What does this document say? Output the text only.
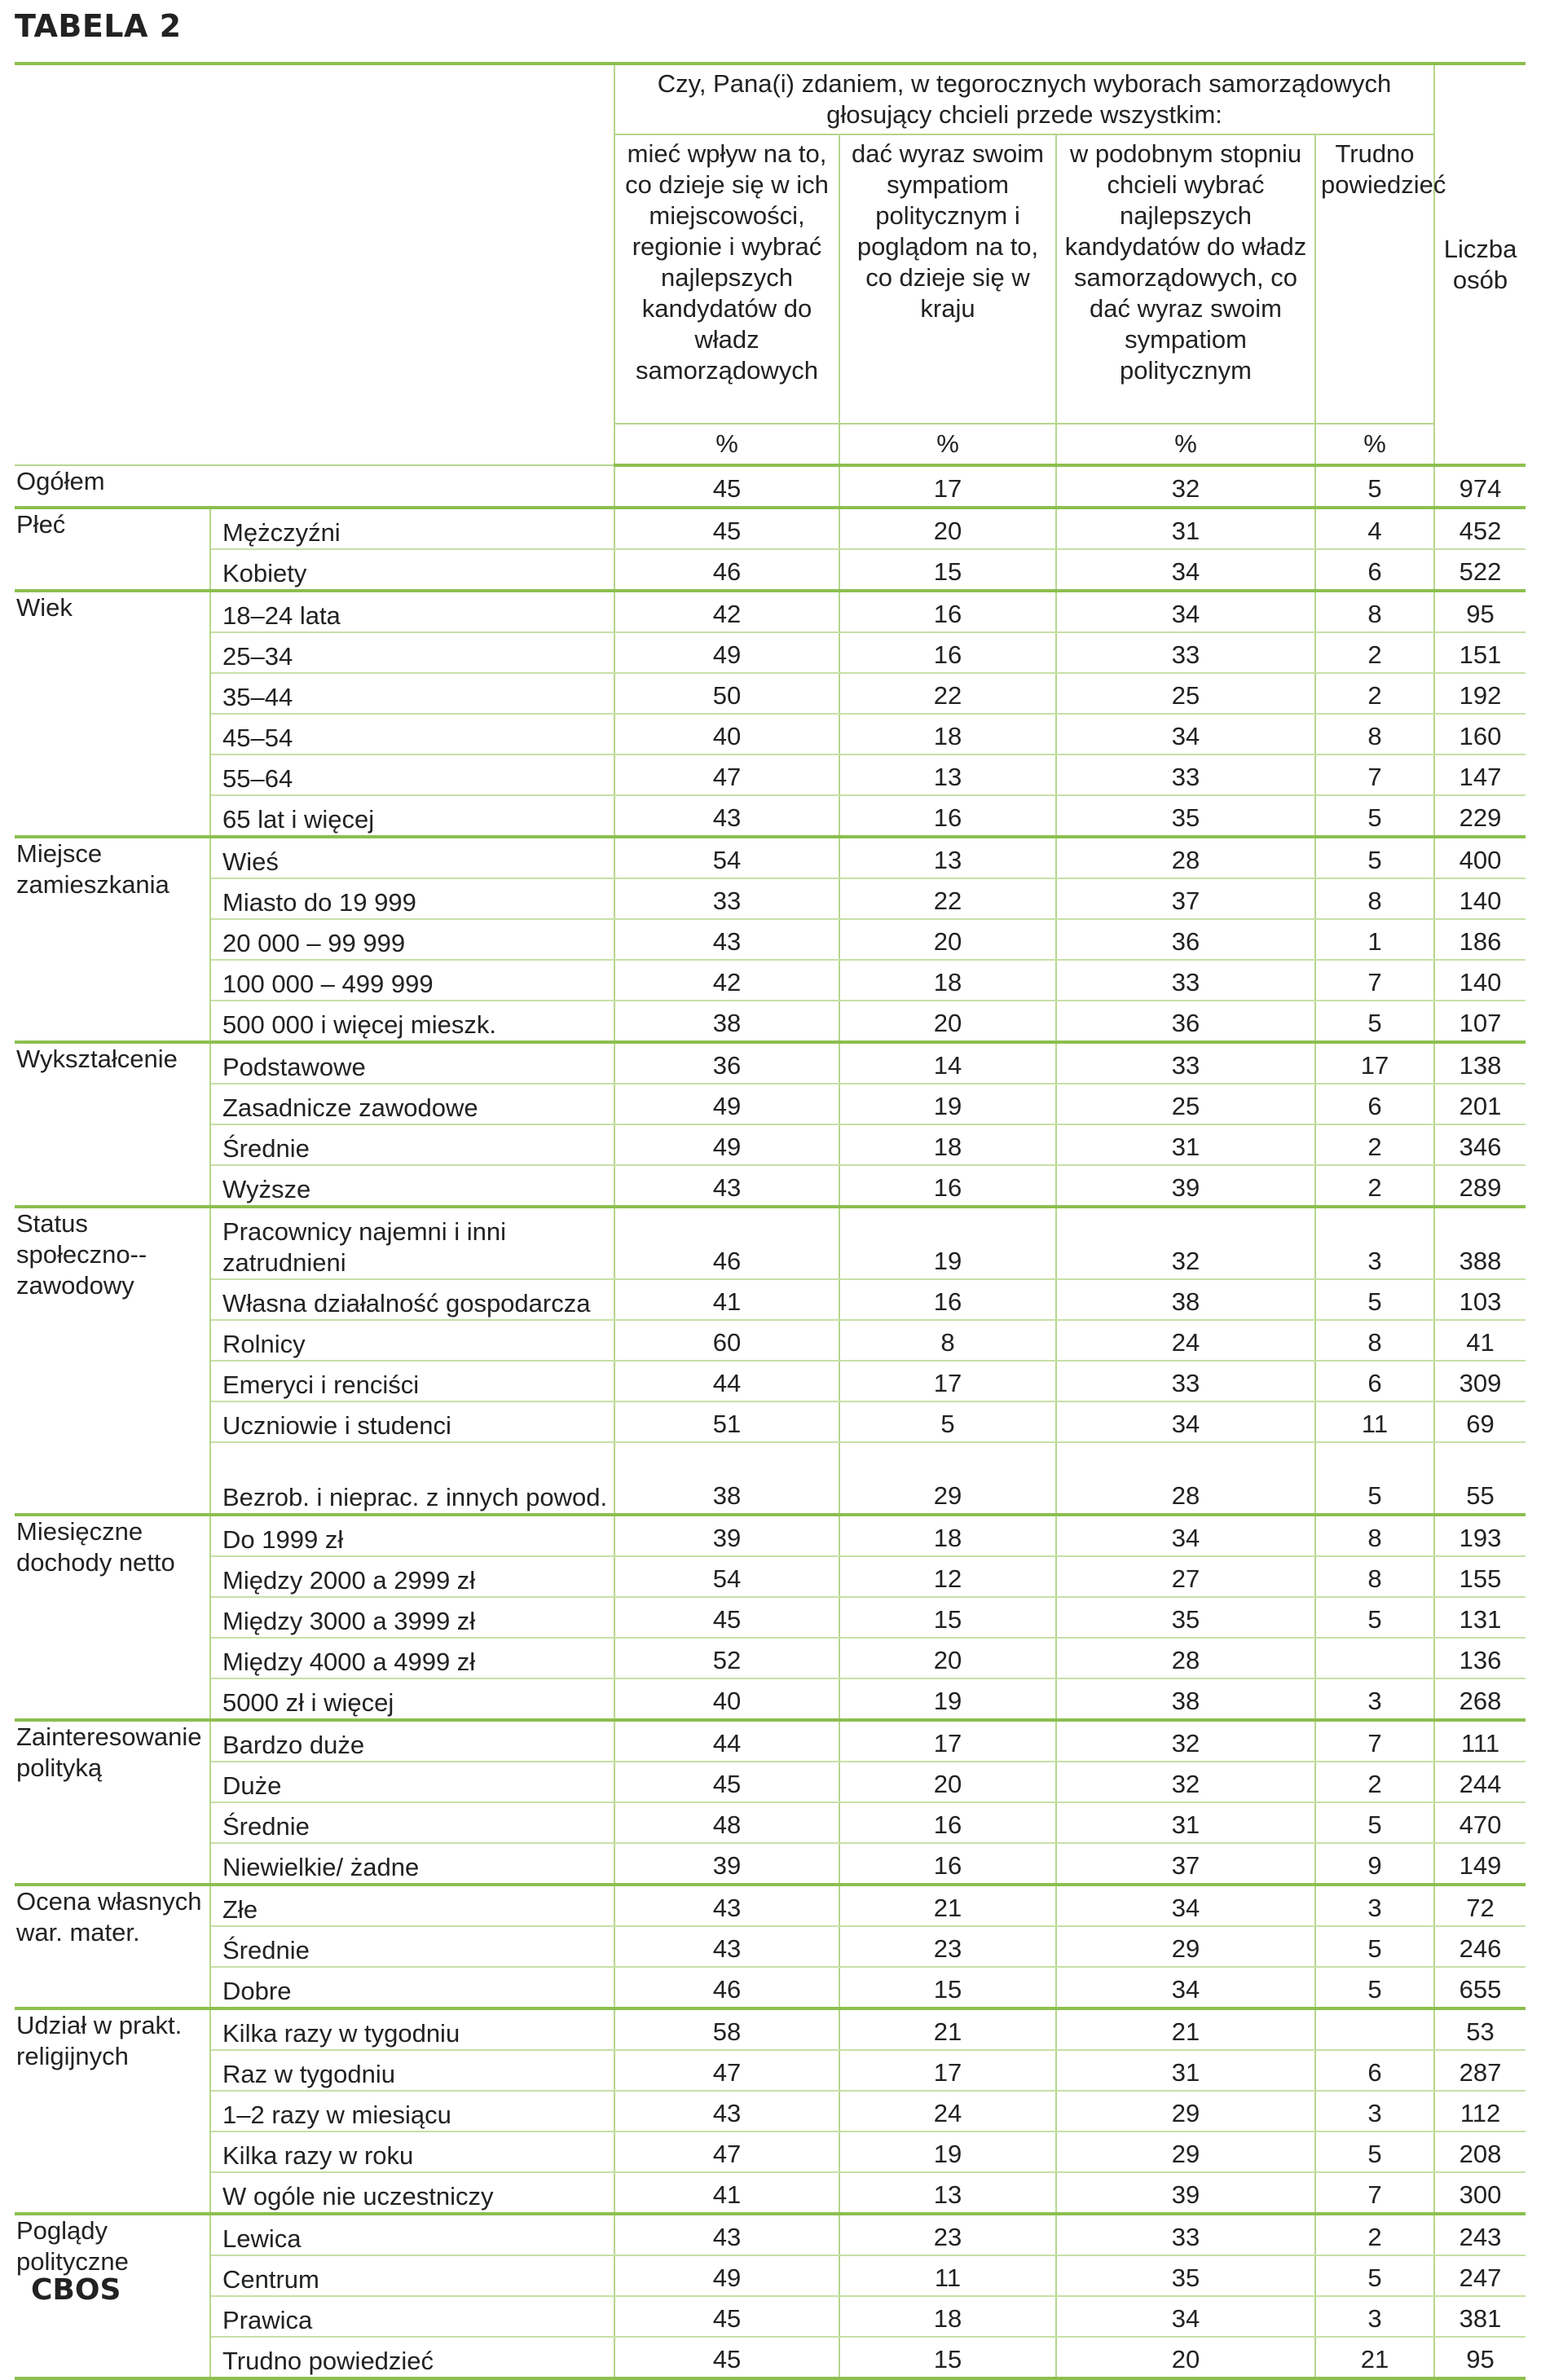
TABELA 2
		Czy, Pana(i) zdaniem, w tegorocznych wyborach samorządowych głosujący chcieli przede wszystkim:				Liczba osób
		mieć wpływ na to, co dzieje się w ich miejscowości, regionie i wybrać najlepszych kandydatów do władz samorządowych	dać wyraz swoim sympatiom politycznym i poglądom na to, co dzieje się w kraju	w podobnym stopniu chcieli wybrać najlepszych kandydatów do władz samorządowych, co dać wyraz swoim sympatiom politycznym	Trudno powiedzieć	
		%	%	%	%	
Ogółem		45	17	32	5	974
Płeć	Mężczyźni	45	20	31	4	452
	Kobiety	46	15	34	6	522
Wiek	18–24 lata	42	16	34	8	95
	25–34	49	16	33	2	151
	35–44	50	22	25	2	192
	45–54	40	18	34	8	160
	55–64	47	13	33	7	147
	65 lat i więcej	43	16	35	5	229
Miejsce zamieszkania	Wieś	54	13	28	5	400
	Miasto do 19 999	33	22	37	8	140
	20 000 – 99 999	43	20	36	1	186
	100 000 – 499 999	42	18	33	7	140
	500 000 i więcej mieszk.	38	20	36	5	107
Wykształcenie	Podstawowe	36	14	33	17	138
	Zasadnicze zawodowe	49	19	25	6	201
	Średnie	49	18	31	2	346
	Wyższe	43	16	39	2	289
Status społeczno--zawodowy	Pracownicy najemni i inni zatrudnieni	46	19	32	3	388
	Własna działalność gospodarcza	41	16	38	5	103
	Rolnicy	60	8	24	8	41
	Emeryci i renciści	44	17	33	6	309
	Uczniowie i studenci	51	5	34	11	69
	Bezrob. i nieprac. z innych powod.	38	29	28	5	55
Miesięczne dochody netto	Do 1999 zł	39	18	34	8	193
	Między 2000 a 2999 zł	54	12	27	8	155
	Między 3000 a 3999 zł	45	15	35	5	131
	Między 4000 a 4999 zł	52	20	28		136
	5000 zł i więcej	40	19	38	3	268
Zainteresowanie polityką	Bardzo duże	44	17	32	7	111
	Duże	45	20	32	2	244
	Średnie	48	16	31	5	470
	Niewielkie/ żadne	39	16	37	9	149
Ocena własnych war. mater.	Złe	43	21	34	3	72
	Średnie	43	23	29	5	246
	Dobre	46	15	34	5	655
Udział w prakt. religijnych	Kilka razy w tygodniu	58	21	21		53
	Raz w tygodniu	47	17	31	6	287
	1–2 razy w miesiącu	43	24	29	3	112
	Kilka razy w roku	47	19	29	5	208
	W ogóle nie uczestniczy	41	13	39	7	300
Poglądy polityczne	Lewica	43	23	33	2	243
	Centrum	49	11	35	5	247
	Prawica	45	18	34	3	381
	Trudno powiedzieć	45	15	20	21	95
CBOS
